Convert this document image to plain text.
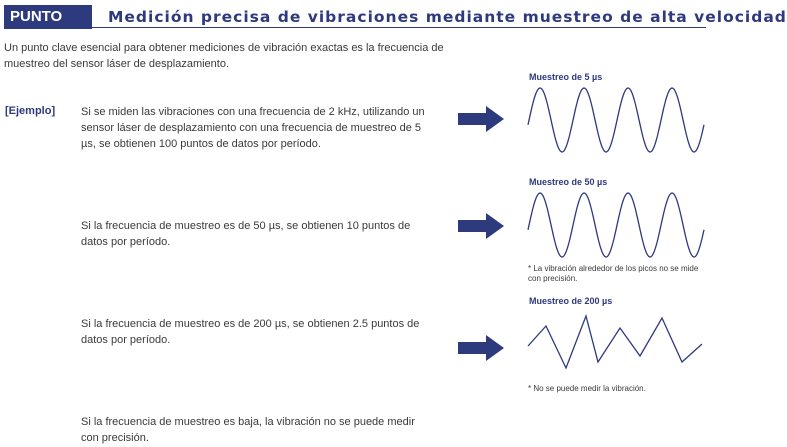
PUNTO	Medición precisa de vibraciones mediante muestreo de alta velocidad
Un punto clave esencial para obtener mediciones de vibración exactas es la frecuencia de muestreo del sensor láser de desplazamiento.
[Ejemplo] Si se miden las vibraciones con una frecuencia de 2 kHz, utilizando un sensor láser de desplazamiento con una frecuencia de muestreo de 5 µs, se obtienen 100 puntos de datos por período.
Si la frecuencia de muestreo es de 50 µs, se obtienen 10 puntos de datos por período.
Si la frecuencia de muestreo es de 200 µs, se obtienen 2.5 puntos de datos por período.
Si la frecuencia de muestreo es baja, la vibración no se puede medir con precisión.
Muestreo de 5 µs
Muestreo de 50 µs
Muestreo de 200 µs
* La vibración alrededor de los picos no se mide con precisión.
* No se puede medir la vibración.
